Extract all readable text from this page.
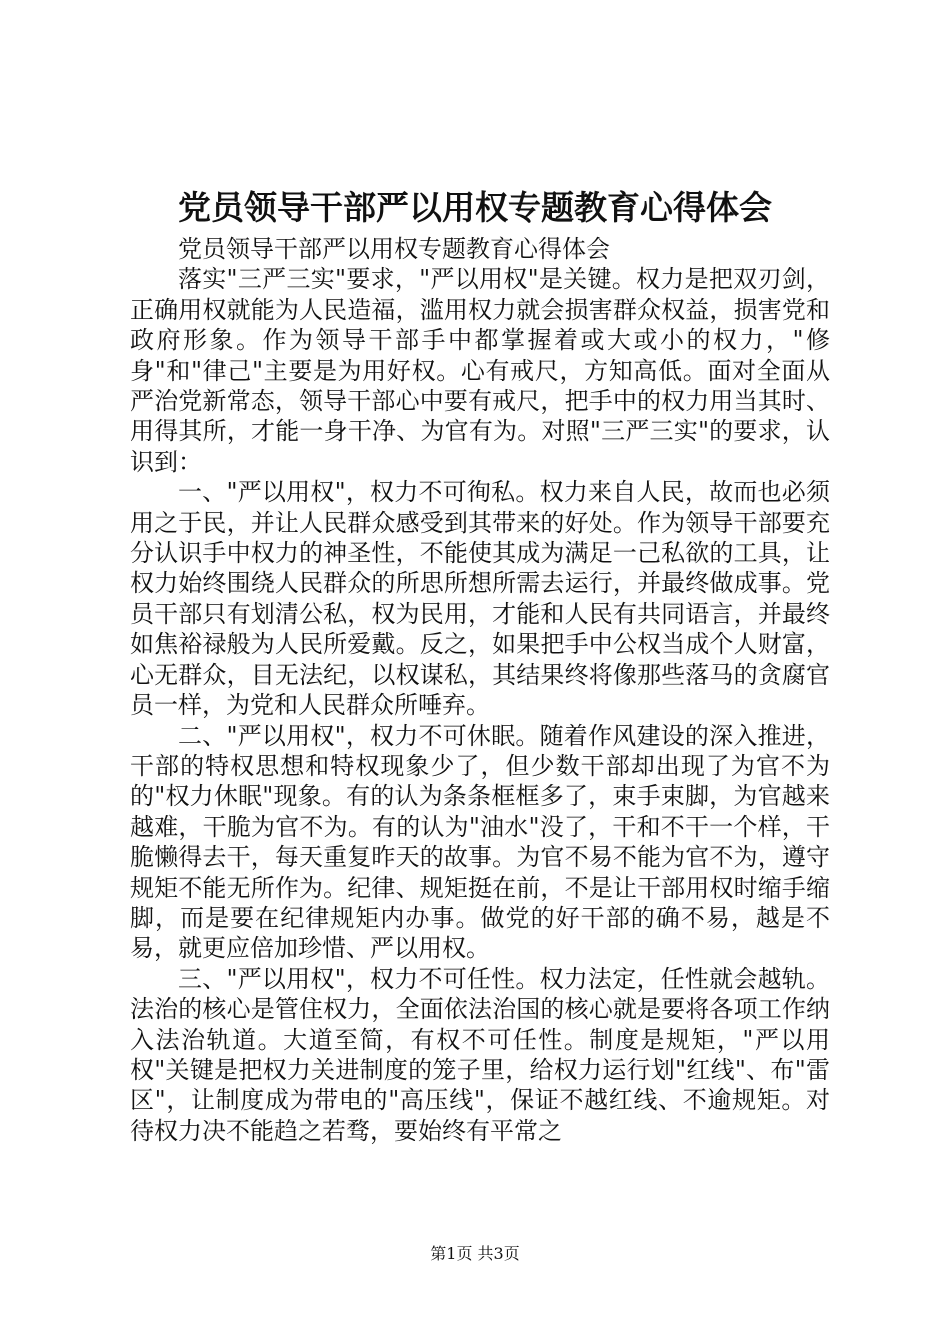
党员领导干部严以用权专题教育心得体会

党员领导干部严以用权专题教育心得体会

落实"三严三实"要求，"严以用权"是关键。权力是把双刃剑，正确用权就能为人民造福，滥用权力就会损害群众权益，损害党和政府形象。作为领导干部手中都掌握着或大或小的权力，"修身"和"律己"主要是为用好权。心有戒尺，方知高低。面对全面从严治党新常态，领导干部心中要有戒尺，把手中的权力用当其时、用得其所，才能一身干净、为官有为。对照"三严三实"的要求，认识到：

一、"严以用权"，权力不可徇私。权力来自人民，故而也必须用之于民，并让人民群众感受到其带来的好处。作为领导干部要充分认识手中权力的神圣性，不能使其成为满足一己私欲的工具，让权力始终围绕人民群众的所思所想所需去运行，并最终做成事。党员干部只有划清公私，权为民用，才能和人民有共同语言，并最终如焦裕禄般为人民所爱戴。反之，如果把手中公权当成个人财富，心无群众，目无法纪，以权谋私，其结果终将像那些落马的贪腐官员一样，为党和人民群众所唾弃。

二、"严以用权"，权力不可休眠。随着作风建设的深入推进，干部的特权思想和特权现象少了，但少数干部却出现了为官不为的"权力休眠"现象。有的认为条条框框多了，束手束脚，为官越来越难，干脆为官不为。有的认为"油水"没了，干和不干一个样，干脆懒得去干，每天重复昨天的故事。为官不易不能为官不为，遵守规矩不能无所作为。纪律、规矩挺在前，不是让干部用权时缩手缩脚，而是要在纪律规矩内办事。做党的好干部的确不易，越是不易，就更应倍加珍惜、严以用权。

三、"严以用权"，权力不可任性。权力法定，任性就会越轨。法治的核心是管住权力，全面依法治国的核心就是要将各项工作纳入法治轨道。大道至简，有权不可任性。制度是规矩，"严以用权"关键是把权力关进制度的笼子里，给权力运行划"红线"、布"雷区"，让制度成为带电的"高压线"，保证不越红线、不逾规矩。对待权力决不能趋之若骛，要始终有平常之

第1页 共3页
